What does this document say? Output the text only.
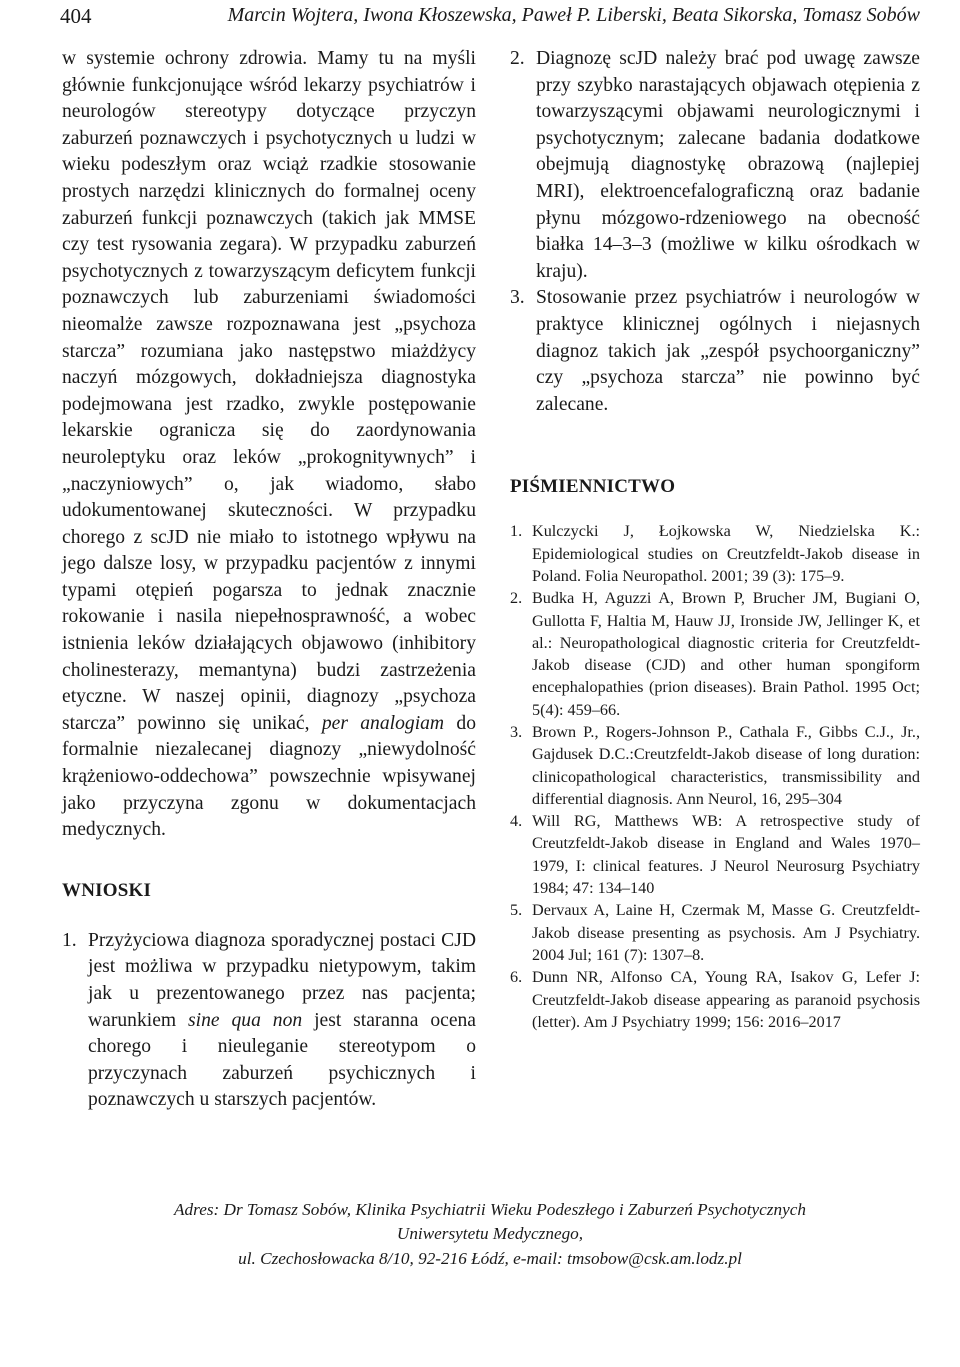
404	Marcin Wojtera, Iwona Kłoszewska, Paweł P. Liberski, Beata Sikorska, Tomasz Sobów

w systemie ochrony zdrowia. Mamy tu na myśli głównie funkcjonujące wśród lekarzy psychiatrów i neurologów stereotypy dotyczące przyczyn zaburzeń poznawczych i psychotycznych u ludzi w wieku podeszłym oraz wciąż rzadkie stosowanie prostych narzędzi klinicznych do formalnej oceny zaburzeń funkcji poznawczych (takich jak MMSE czy test rysowania zegara). W przypadku zaburzeń psychotycznych z towarzyszącym deficytem funkcji poznawczych lub zaburzeniami świadomości nieomalże zawsze rozpoznawana jest „psychoza starcza” rozumiana jako następstwo miażdżycy naczyń mózgowych, dokładniejsza diagnostyka podejmowana jest rzadko, zwykle postępowanie lekarskie ogranicza się do zaordynowania neuroleptyku oraz leków „prokognitywnych” i „naczyniowych” o, jak wiadomo, słabo udokumentowanej skuteczności. W przypadku chorego z scJD nie miało to istotnego wpływu na jego dalsze losy, w przypadku pacjentów z innymi typami otępień pogarsza to jednak znacznie rokowanie i nasila niepełnosprawność, a wobec istnienia leków działających objawowo (inhibitory cholinesterazy, memantyna) budzi zastrzeżenia etyczne. W naszej opinii, diagnozy „psychoza starcza” powinno się unikać, per analogiam do formalnie niezalecanej diagnozy „niewydolność krążeniowo-oddechowa” powszechnie wpisywanej jako przyczyna zgonu w dokumentacjach medycznych.

WNIOSKI
1. Przyżyciowa diagnoza sporadycznej postaci CJD jest możliwa w przypadku nietypowym, takim jak u prezentowanego przez nas pacjenta; warunkiem sine qua non jest staranna ocena chorego i nieuleganie stereotypom o przyczynach zaburzeń psychicznych i poznawczych u starszych pacjentów.
2. Diagnozę scJD należy brać pod uwagę zawsze przy szybko narastających objawach otępienia z towarzyszącymi objawami neurologicznymi i psychotycznym; zalecane badania dodatkowe obejmują diagnostykę obrazową (najlepiej MRI), elektroencefalograficzną oraz badanie płynu mózgowo-rdzeniowego na obecność białka 14–3–3 (możliwe w kilku ośrodkach w kraju).
3. Stosowanie przez psychiatrów i neurologów w praktyce klinicznej ogólnych i niejasnych diagnoz takich jak „zespół psychoorganiczny” czy „psychoza starcza” nie powinno być zalecane.
PIŚMIENNICTWO
1. Kulczycki J, Łojkowska W, Niedzielska K.: Epidemiological studies on Creutzfeldt-Jakob disease in Poland. Folia Neuropathol. 2001; 39 (3): 175–9.
2. Budka H, Aguzzi A, Brown P, Brucher JM, Bugiani O, Gullotta F, Haltia M, Hauw JJ, Ironside JW, Jellinger K, et al.: Neuropathological diagnostic criteria for Creutzfeldt-Jakob disease (CJD) and other human spongiform encephalopathies (prion diseases). Brain Pathol. 1995 Oct; 5(4): 459–66.
3. Brown P., Rogers-Johnson P., Cathala F., Gibbs C.J., Jr., Gajdusek D.C.:Creutzfeldt-Jakob disease of long duration: clinicopathological characteristics, transmissibility and differential diagnosis. Ann Neurol, 16, 295–304
4. Will RG, Matthews WB: A retrospective study of Creutzfeldt-Jakob disease in England and Wales 1970–1979, I: clinical features. J Neurol Neurosurg Psychiatry 1984; 47: 134–140
5. Dervaux A, Laine H, Czermak M, Masse G. Creutzfeldt-Jakob disease presenting as psychosis. Am J Psychiatry. 2004 Jul; 161 (7): 1307–8.
6. Dunn NR, Alfonso CA, Young RA, Isakov G, Lefer J: Creutzfeldt-Jakob disease appearing as paranoid psychosis (letter). Am J Psychiatry 1999; 156: 2016–2017
Adres: Dr Tomasz Sobów, Klinika Psychiatrii Wieku Podeszłego i Zaburzeń Psychotycznych
Uniwersytetu Medycznego,
ul. Czechosłowacka 8/10, 92-216 Łódź, e-mail: tmsobow@csk.am.lodz.pl
